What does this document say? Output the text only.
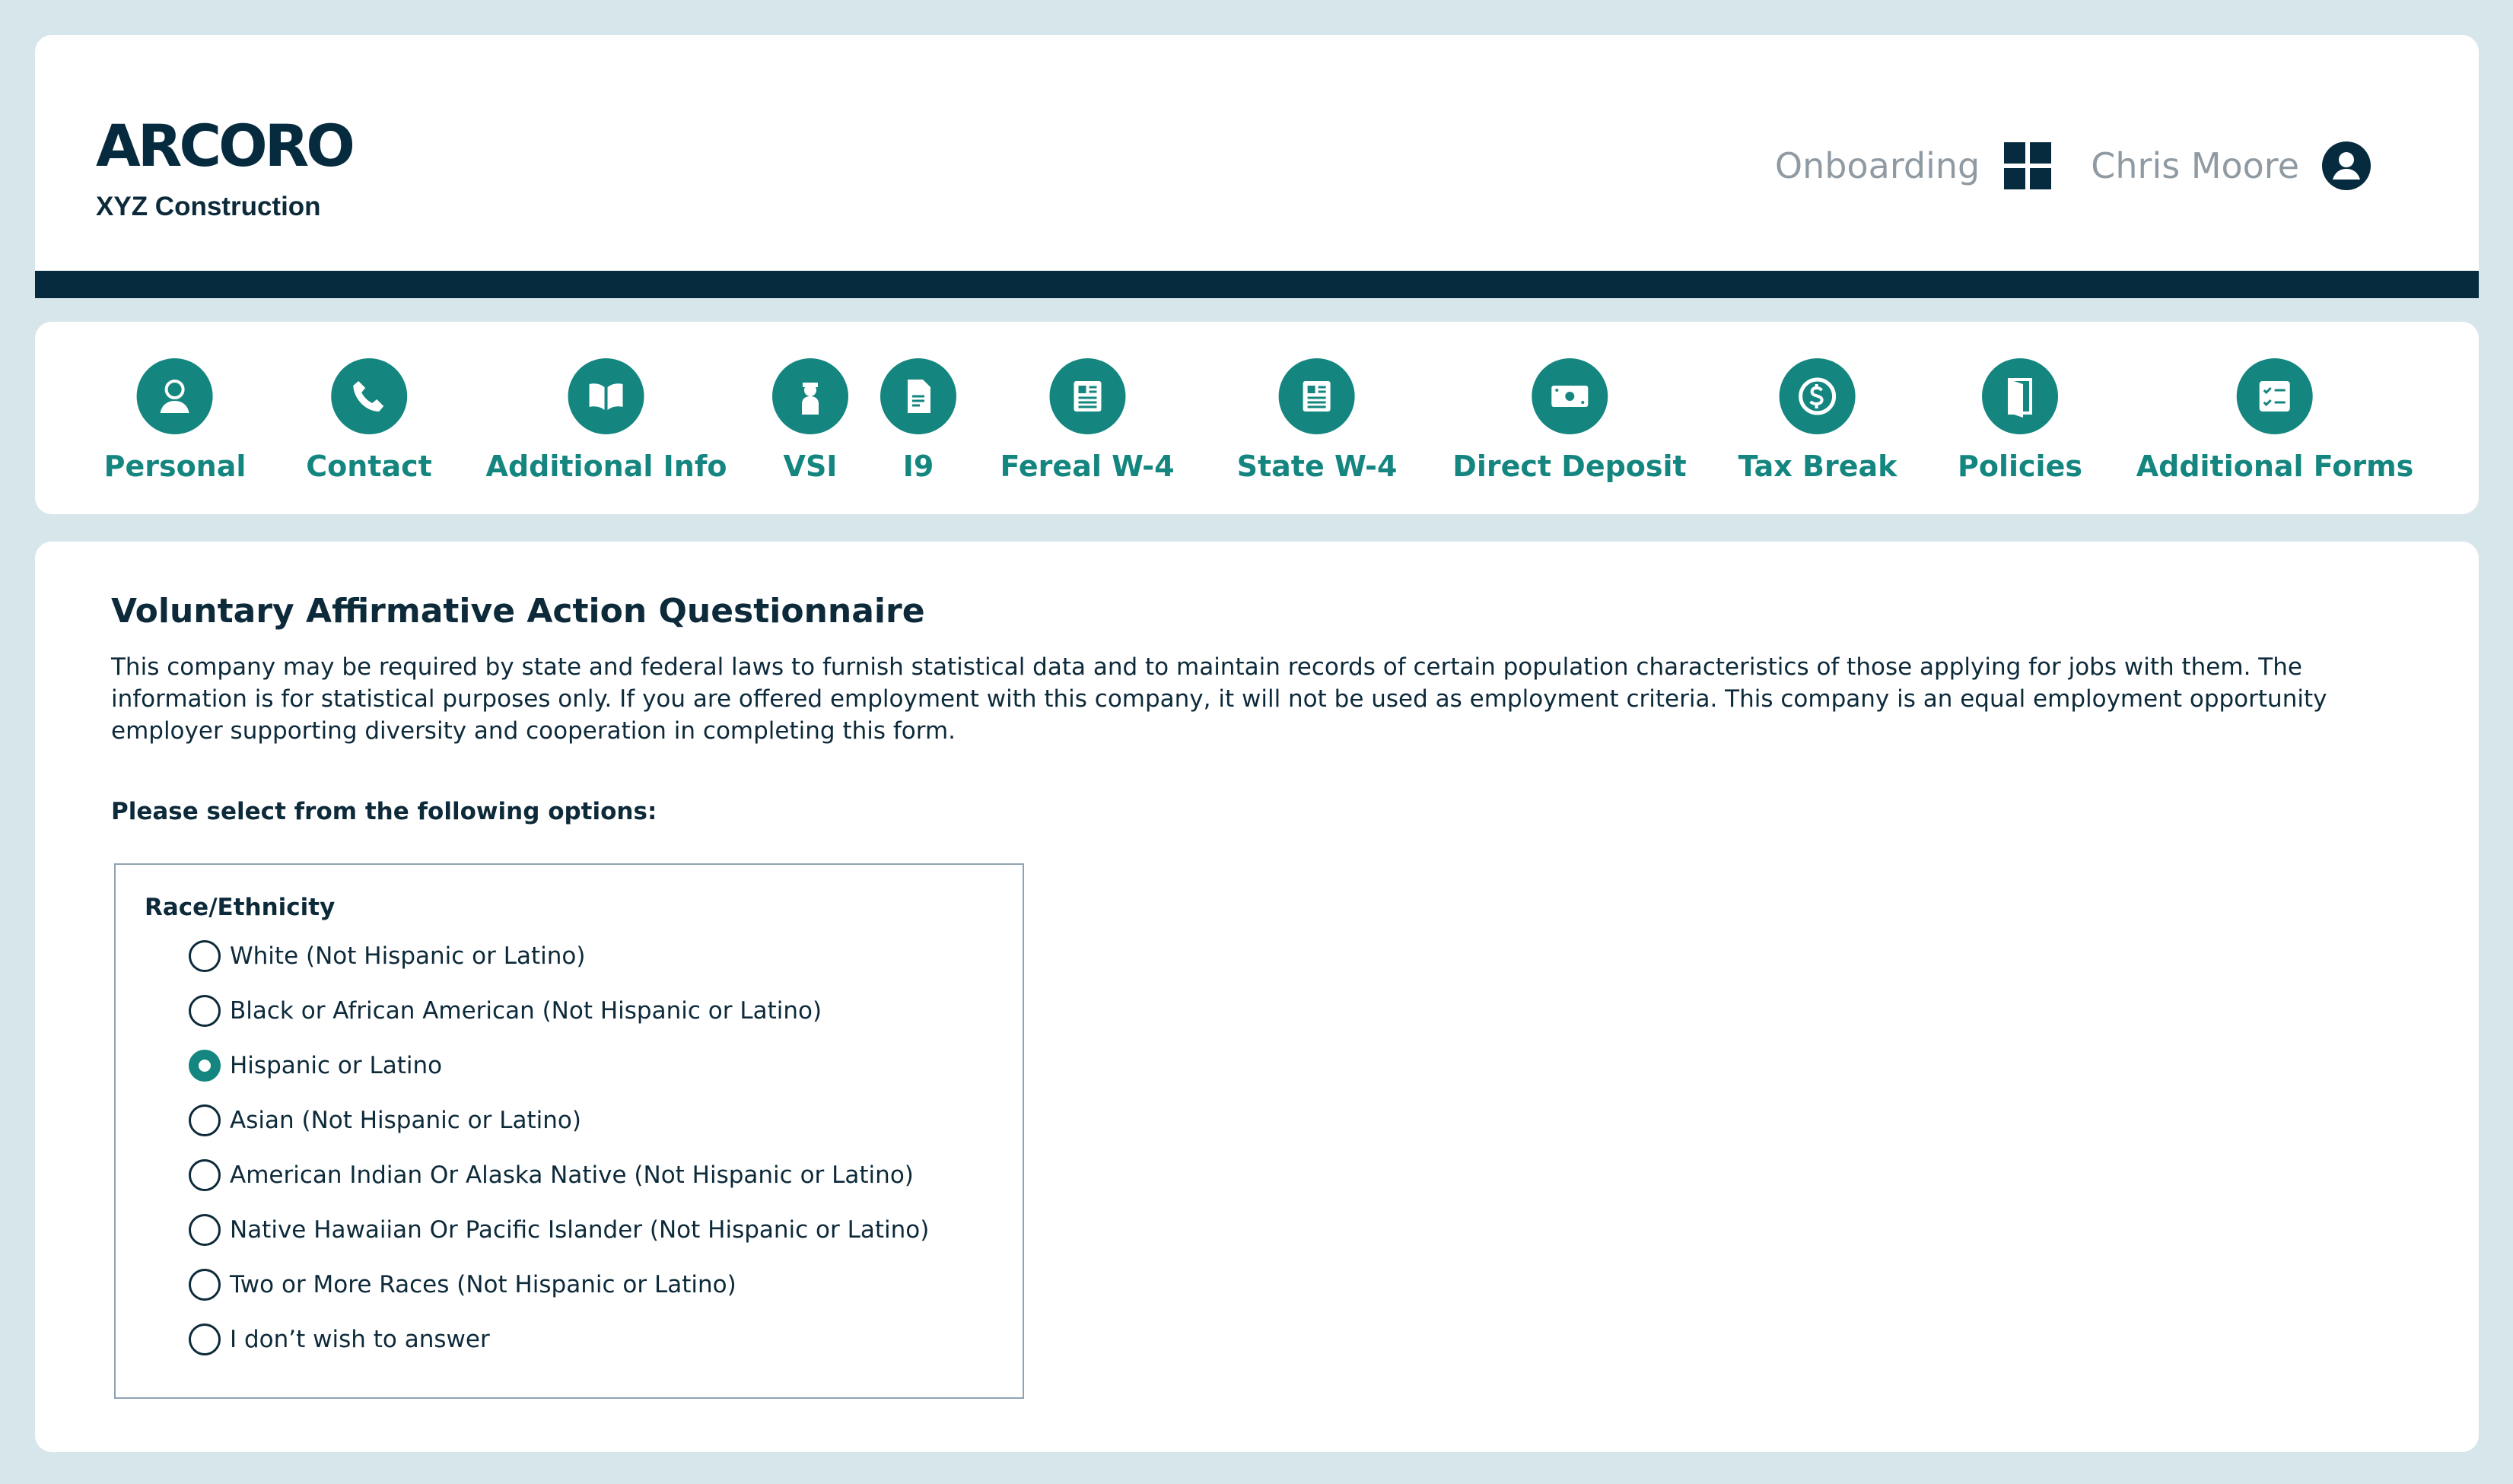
ARCORO
XYZ Construction
Onboarding	Chris Moore
Personal Contact Additional Info VSI I9 Fereal W-4 State W-4 Direct Deposit Tax Break Policies Additional Forms
Voluntary Affirmative Action Questionnaire

This company may be required by state and federal laws to furnish statistical data and to maintain records of certain population characteristics of those applying for jobs with them. The information is for statistical purposes only. If you are offered employment with this company, it will not be used as employment criteria. This company is an equal employment opportunity employer supporting diversity and cooperation in completing this form.

Please select from the following options:
Race/Ethnicity
White (Not Hispanic or Latino)
Black or African American (Not Hispanic or Latino)
Hispanic or Latino
Asian (Not Hispanic or Latino)
American Indian Or Alaska Native (Not Hispanic or Latino)
Native Hawaiian Or Pacific Islander (Not Hispanic or Latino)
Two or More Races (Not Hispanic or Latino)
I don’t wish to answer
